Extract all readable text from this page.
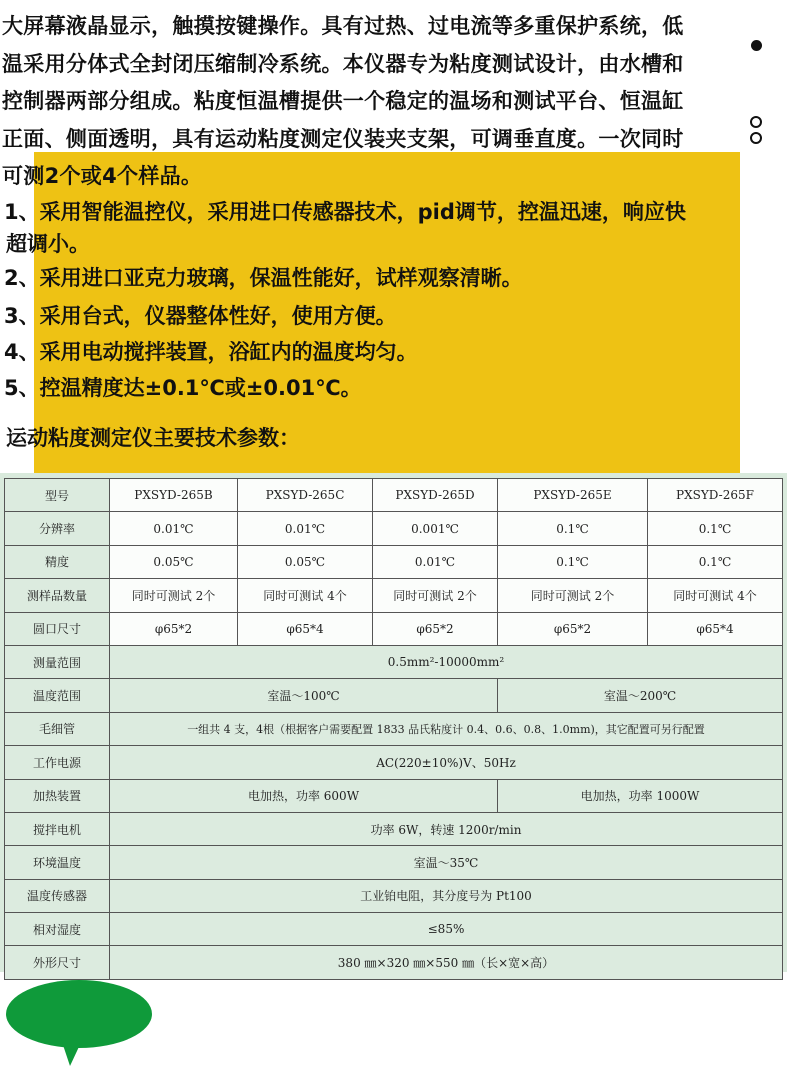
大屏幕液晶显示，触摸按键操作。具有过热、过电流等多重保护系统，低
温采用分体式全封闭压缩制冷系统。本仪器专为粘度测试设计，由水槽和
控制器两部分组成。粘度恒温槽提供一个稳定的温场和测试平台、恒温缸
正面、侧面透明，具有运动粘度测定仪装夹支架，可调垂直度。一次同时
可测2个或4个样品。
1、采用智能温控仪，采用进口传感器技术，pid调节，控温迅速，响应快
超调小。
2、采用进口亚克力玻璃，保温性能好，试样观察清晰。
3、采用台式，仪器整体性好，使用方便。
4、采用电动搅拌装置，浴缸内的温度均匀。
5、控温精度达±0.1℃或±0.01℃。
运动粘度测定仪主要技术参数：
型号	PXSYD-265B	PXSYD-265C	PXSYD-265D	PXSYD-265E	PXSYD-265F
分辨率	0.01℃	0.01℃	0.001℃	0.1℃	0.1℃
精度	0.05℃	0.05℃	0.01℃	0.1℃	0.1℃
测样品数量	同时可测试 2个	同时可测试 4个	同时可测试 2个	同时可测试 2个	同时可测试 4个
圆口尺寸	φ65*2	φ65*4	φ65*2	φ65*2	φ65*4
测量范围	0.5mm²-10000mm²				
温度范围	室温～100℃			室温～200℃	
毛细管	一组共 4 支，4根（根据客户需要配置 1833 品氏粘度计 0.4、0.6、0.8、1.0mm)，其它配置可另行配置				
工作电源	AC(220±10%)V、50Hz				
加热装置	电加热，功率 600W			电加热，功率 1000W	
搅拌电机	功率 6W，转速 1200r/min				
环境温度	室温～35℃				
温度传感器	工业铂电阻，其分度号为 Pt100				
相对湿度	≤85%				
外形尺寸	380 ㎜×320 ㎜×550 ㎜（长×宽×高）				
